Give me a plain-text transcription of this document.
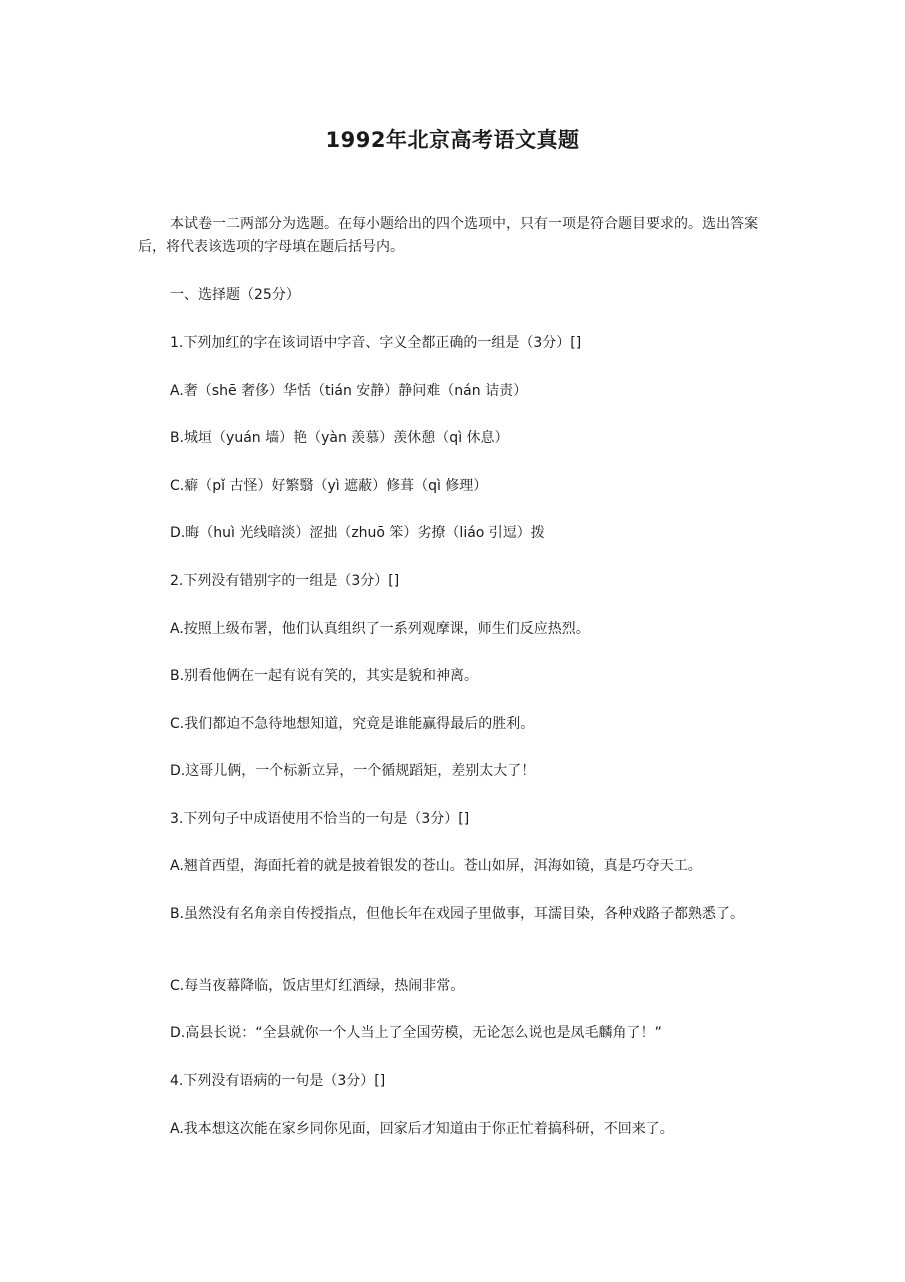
1992年北京高考语文真题
本试卷一二两部分为选题。在每小题给出的四个选项中，只有一项是符合题目要求的。选出答案后，将代表该选项的字母填在题后括号内。
一、选择题（25分）
1.下列加红的字在该词语中字音、字义全都正确的一组是（3分）[]
A.奢（shē 奢侈）华恬（tián 安静）静问难（nán 诘责）
B.城垣（yuán 墙）艳（yàn 羡慕）羡休憩（qì 休息）
C.癖（pǐ 古怪）好繁翳（yì 遮蔽）修葺（qì 修理）
D.晦（huì 光线暗淡）涩拙（zhuō 笨）劣撩（liáo 引逗）拨
2.下列没有错别字的一组是（3分）[]
A.按照上级布署，他们认真组织了一系列观摩课，师生们反应热烈。
B.别看他俩在一起有说有笑的，其实是貌和神离。
C.我们都迫不急待地想知道，究竟是谁能赢得最后的胜利。
D.这哥儿俩，一个标新立异，一个循规蹈矩，差别太大了！
3.下列句子中成语使用不恰当的一句是（3分）[]
A.翘首西望，海面托着的就是披着银发的苍山。苍山如屏，洱海如镜，真是巧夺天工。
B.虽然没有名角亲自传授指点，但他长年在戏园子里做事，耳濡目染，各种戏路子都熟悉了。
C.每当夜幕降临，饭店里灯红酒绿，热闹非常。
D.高县长说：“全县就你一个人当上了全国劳模，无论怎么说也是凤毛麟角了！”
4.下列没有语病的一句是（3分）[]
A.我本想这次能在家乡同你见面，回家后才知道由于你正忙着搞科研，不回来了。
